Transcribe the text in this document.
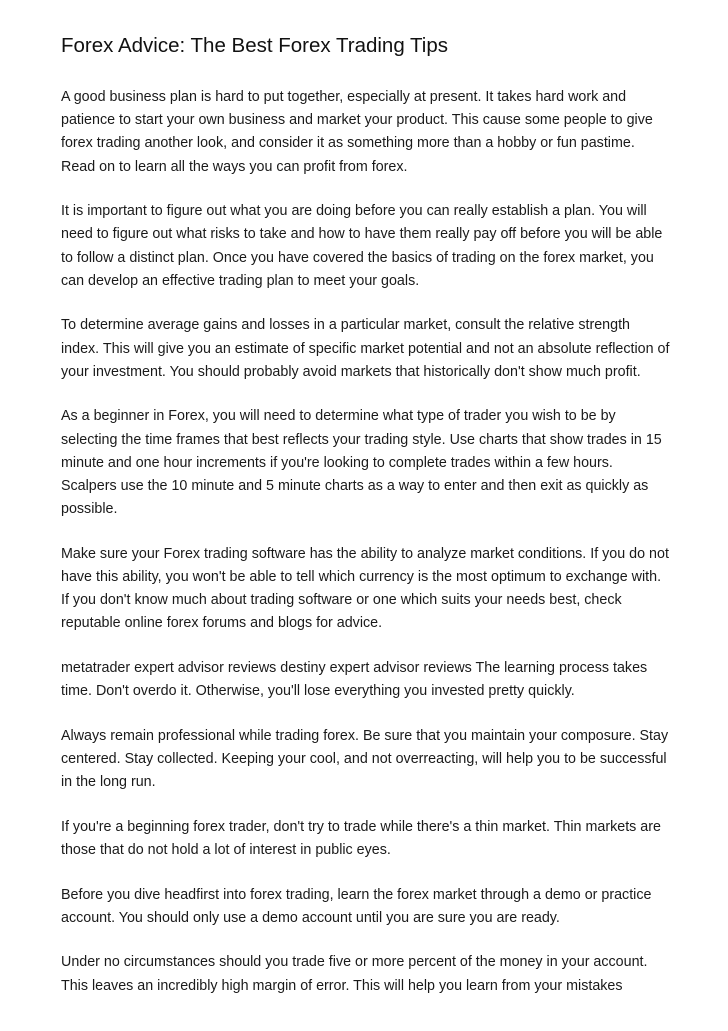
Forex Advice: The Best Forex Trading Tips

A good business plan is hard to put together, especially at present. It takes hard work and patience to start your own business and market your product. This cause some people to give forex trading another look, and consider it as something more than a hobby or fun pastime. Read on to learn all the ways you can profit from forex.

It is important to figure out what you are doing before you can really establish a plan. You will need to figure out what risks to take and how to have them really pay off before you will be able to follow a distinct plan. Once you have covered the basics of trading on the forex market, you can develop an effective trading plan to meet your goals.

To determine average gains and losses in a particular market, consult the relative strength index. This will give you an estimate of specific market potential and not an absolute reflection of your investment. You should probably avoid markets that historically don't show much profit.

As a beginner in Forex, you will need to determine what type of trader you wish to be by selecting the time frames that best reflects your trading style. Use charts that show trades in 15 minute and one hour increments if you're looking to complete trades within a few hours. Scalpers use the 10 minute and 5 minute charts as a way to enter and then exit as quickly as possible.

Make sure your Forex trading software has the ability to analyze market conditions. If you do not have this ability, you won't be able to tell which currency is the most optimum to exchange with. If you don't know much about trading software or one which suits your needs best, check reputable online forex forums and blogs for advice.

metatrader expert advisor reviews destiny expert advisor reviews The learning process takes time. Don't overdo it. Otherwise, you'll lose everything you invested pretty quickly.

Always remain professional while trading forex. Be sure that you maintain your composure. Stay centered. Stay collected. Keeping your cool, and not overreacting, will help you to be successful in the long run.

If you're a beginning forex trader, don't try to trade while there's a thin market. Thin markets are those that do not hold a lot of interest in public eyes.

Before you dive headfirst into forex trading, learn the forex market through a demo or practice account. You should only use a demo account until you are sure you are ready.

Under no circumstances should you trade five or more percent of the money in your account. This leaves an incredibly high margin of error. This will help you learn from your mistakes
